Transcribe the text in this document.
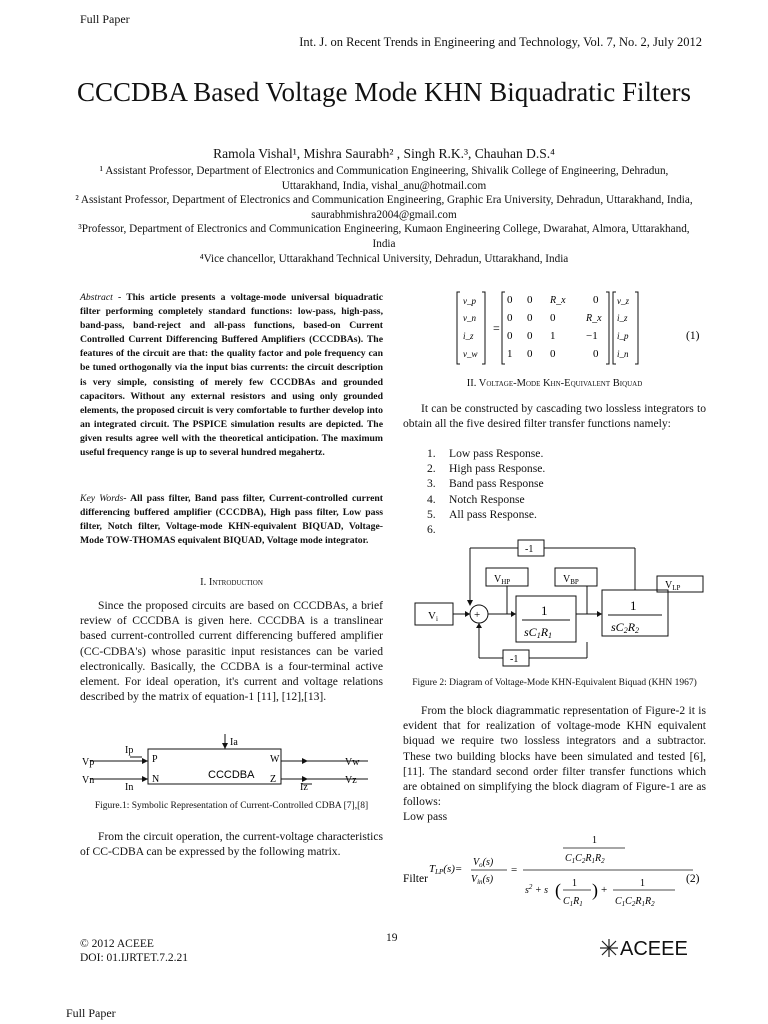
Full Paper
Int. J. on Recent Trends in Engineering and Technology, Vol. 7, No. 2, July 2012
CCCDBA Based Voltage Mode KHN Biquadratic Filters
Ramola Vishal¹, Mishra Saurabh² , Singh R.K.³, Chauhan D.S.⁴
¹ Assistant Professor, Department of Electronics and Communication Engineering, Shivalik College of Engineering, Dehradun, Uttarakhand, India, vishal_anu@hotmail.com
² Assistant Professor, Department of Electronics and Communication Engineering, Graphic Era University, Dehradun, Uttarakhand, India, saurabhmishra2004@gmail.com
³Professor, Department of Electronics and Communication Engineering, Kumaon Engineering College, Dwarahat, Almora, Uttarakhand, India
⁴Vice chancellor, Uttarakhand Technical University, Dehradun, Uttarakhand, India
Abstract - This article presents a voltage-mode universal biquadratic filter performing completely standard functions: low-pass, high-pass, band-pass, band-reject and all-pass functions, based-on Current Controlled Current Differencing Buffered Amplifiers (CCCDBAs). The features of the circuit are that: the quality factor and pole frequency can be tuned orthogonally via the input bias currents: the circuit description is very simple, consisting of merely few CCCDBAs and grounded capacitors. Without any external resistors and using only grounded elements, the proposed circuit is very comfortable to further develop into an integrated circuit. The PSPICE simulation results are depicted. The given results agree well with the theoretical anticipation. The maximum useful frequency range is up to several hundred megahertz.
Key Words- All pass filter, Band pass filter, Current-controlled current differencing buffered amplifier (CCCDBA), High pass filter, Low pass filter, Notch filter, Voltage-mode KHN-equivalent BIQUAD, Voltage-Mode TOW-THOMAS equivalent BIQUAD, Voltage mode integrator.
I. Introduction
Since the proposed circuits are based on CCCDBAs, a brief review of CCCDBA is given here. CCCDBA is a translinear based current-controlled current differencing buffered amplifier (CC-CDBA's) whose parasitic input resistances can be varied electronically. Basically, the CCDBA is a four-terminal active element. For ideal operation, it's current and voltage relations described by the matrix of equation-1 [11], [12],[13].
Vp
Vn
Vw
Vz
Ip
In
Ia
Iz
P
N
W
Z
CCCDBA
Figure.1: Symbolic Representation of Current-Controlled CDBA [7],[8]
From the circuit operation, the current-voltage characteristics of CC-CDBA can be expressed by the following matrix.
=
v_p
v_n
i_z
v_w
v_z
i_z
i_p
i_n
0 0 R_x 0
0 0 0	R_x
0 0 1	−1
1 0 0	0
(1)
II. Voltage-Mode Khn-Equivalent Biquad
It can be constructed by cascading two lossless integrators to obtain all the five desired filter transfer functions namely:
1.	Low pass Response.
2.	High pass Response.
3.	Band pass Response
4.	Notch Response
5.	All pass Response.
6.
Vi	+	1
sC1R1
1
sC2R2
$V_{LP}$
$V_{HP}$	$V_{BP}$
-1
-1
Figure 2: Diagram of Voltage-Mode KHN-Equivalent Biquad (KHN 1967)
From the block diagrammatic representation of Figure-2 it is evident that for realization of voltage-mode KHN equivalent biquad we require two lossless integrators and a subtractor. These two building blocks have been simulated and tested [6], [11]. The standard second order filter transfer functions which are obtained on simplifying the block diagram of Figure-1 are as follows:
Low pass
Filter
TLP(s)=
$V_o(s)$
$V_{in}(s)$
=
1
$C_1C_2R_1R_2$
$s^2 + s$ ( 1
$C_1R_1$
) +
1
$C_1C_2R_1R_2$
(2)
© 2012 ACEEE
DOI: 01.IJRTET.7.2.21
19	ACEEE
Full Paper
